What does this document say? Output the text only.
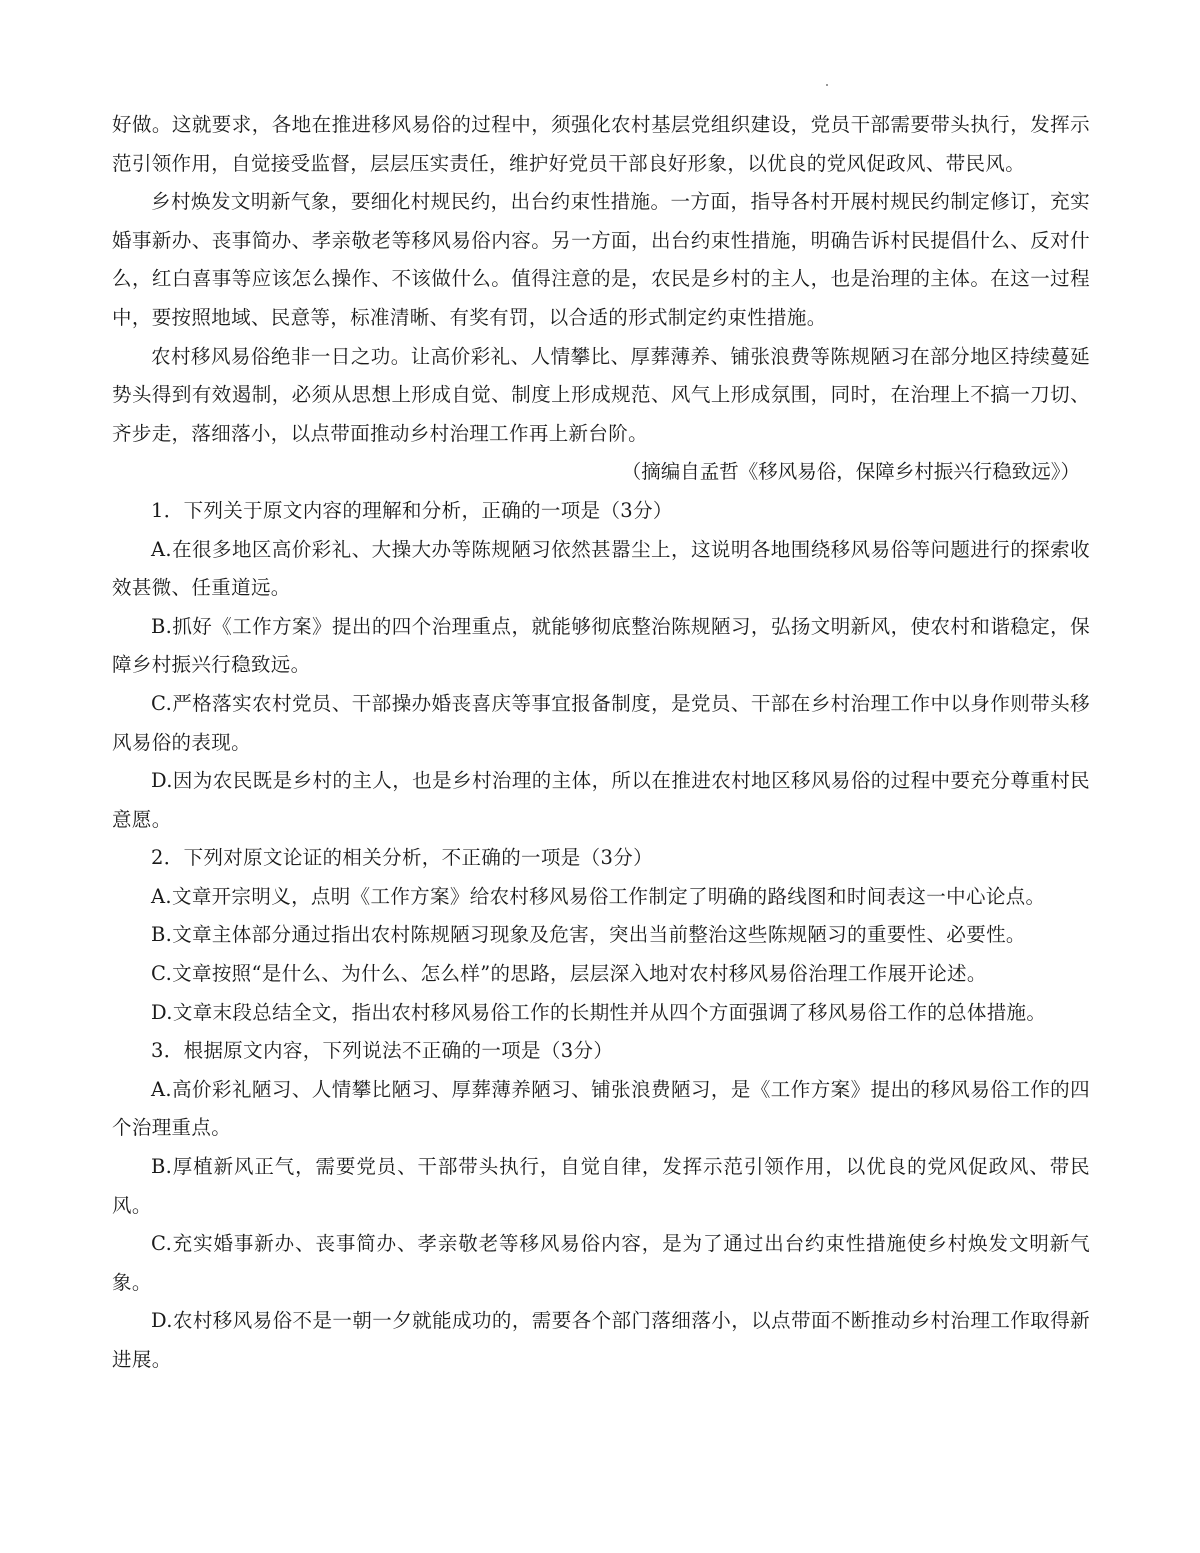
好做。这就要求，各地在推进移风易俗的过程中，须强化农村基层党组织建设，党员干部需要带头执行，发挥示范引领作用，自觉接受监督，层层压实责任，维护好党员干部良好形象，以优良的党风促政风、带民风。

乡村焕发文明新气象，要细化村规民约，出台约束性措施。一方面，指导各村开展村规民约制定修订，充实婚事新办、丧事简办、孝亲敬老等移风易俗内容。另一方面，出台约束性措施，明确告诉村民提倡什么、反对什么，红白喜事等应该怎么操作、不该做什么。值得注意的是，农民是乡村的主人，也是治理的主体。在这一过程中，要按照地域、民意等，标准清晰、有奖有罚，以合适的形式制定约束性措施。

农村移风易俗绝非一日之功。让高价彩礼、人情攀比、厚葬薄养、铺张浪费等陈规陋习在部分地区持续蔓延势头得到有效遏制，必须从思想上形成自觉、制度上形成规范、风气上形成氛围，同时，在治理上不搞一刀切、齐步走，落细落小，以点带面推动乡村治理工作再上新台阶。

（摘编自孟哲《移风易俗，保障乡村振兴行稳致远》）

1．下列关于原文内容的理解和分析，正确的一项是（3分）

A.在很多地区高价彩礼、大操大办等陈规陋习依然甚嚣尘上，这说明各地围绕移风易俗等问题进行的探索收效甚微、任重道远。

B.抓好《工作方案》提出的四个治理重点，就能够彻底整治陈规陋习，弘扬文明新风，使农村和谐稳定，保障乡村振兴行稳致远。

C.严格落实农村党员、干部操办婚丧喜庆等事宜报备制度，是党员、干部在乡村治理工作中以身作则带头移风易俗的表现。

D.因为农民既是乡村的主人，也是乡村治理的主体，所以在推进农村地区移风易俗的过程中要充分尊重村民意愿。

2．下列对原文论证的相关分析，不正确的一项是（3分）

A.文章开宗明义，点明《工作方案》给农村移风易俗工作制定了明确的路线图和时间表这一中心论点。

B.文章主体部分通过指出农村陈规陋习现象及危害，突出当前整治这些陈规陋习的重要性、必要性。

C.文章按照“是什么、为什么、怎么样”的思路，层层深入地对农村移风易俗治理工作展开论述。

D.文章末段总结全文，指出农村移风易俗工作的长期性并从四个方面强调了移风易俗工作的总体措施。

3．根据原文内容，下列说法不正确的一项是（3分）

A.高价彩礼陋习、人情攀比陋习、厚葬薄养陋习、铺张浪费陋习，是《工作方案》提出的移风易俗工作的四个治理重点。

B.厚植新风正气，需要党员、干部带头执行，自觉自律，发挥示范引领作用，以优良的党风促政风、带民风。

C.充实婚事新办、丧事简办、孝亲敬老等移风易俗内容，是为了通过出台约束性措施使乡村焕发文明新气象。

D.农村移风易俗不是一朝一夕就能成功的，需要各个部门落细落小，以点带面不断推动乡村治理工作取得新进展。
